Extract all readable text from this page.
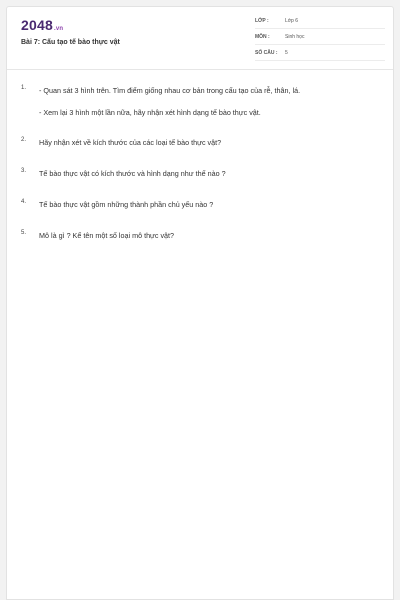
2048.vn
Bài 7: Cấu tạo tế bào thực vật
LỚP :	Lớp 6
MÔN :	Sinh học
SỐ CÂU :	5
1. - Quan sát 3 hình trên. Tìm điểm giống nhau cơ bản trong cấu tạo của rễ, thân, lá.
- Xem lại 3 hình một lần nữa, hãy nhận xét hình dạng tế bào thực vật.
2. Hãy nhận xét về kích thước của các loại tế bào thực vật?
3. Tế bào thực vật có kích thước và hình dạng như thế nào ?
4. Tế bào thực vật gồm những thành phần chủ yếu nào ?
5. Mô là gì ? Kể tên một số loại mô thực vật?
